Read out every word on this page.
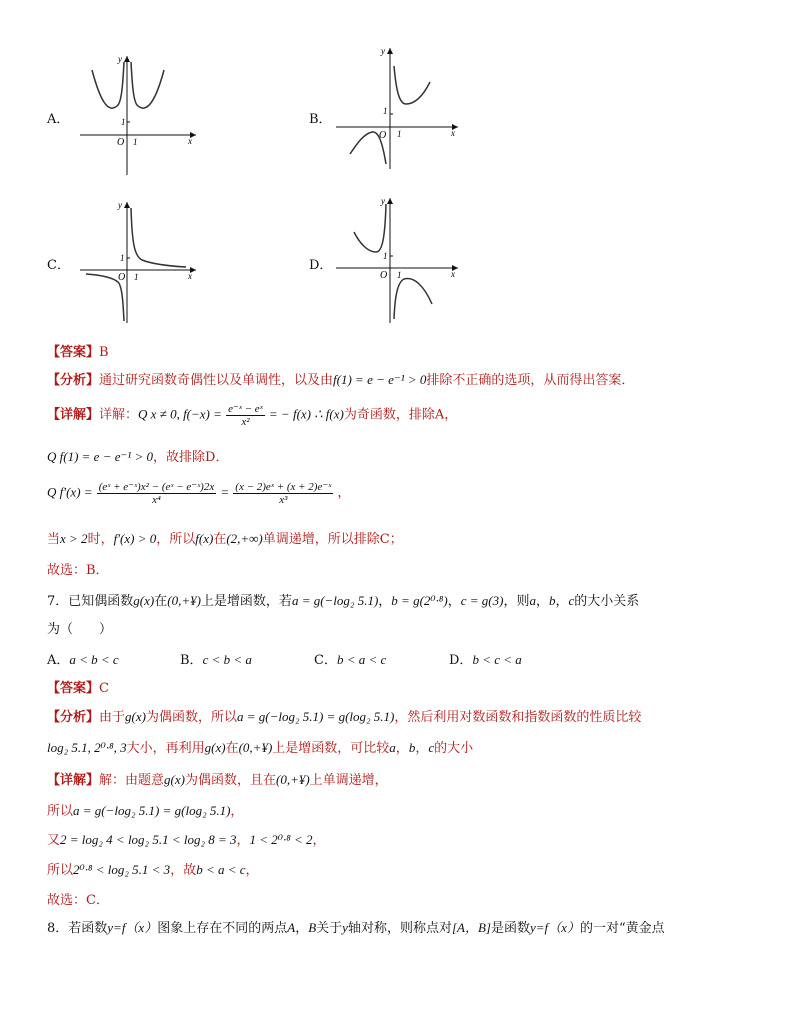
A．	B．
C．	D．
1
1
O	x
y
1
1
O	x
y
1
1
O	x
y
1
1
O	x
y
【答案】B
【分析】通过研究函数奇偶性以及单调性，以及由f(1) = e − e⁻¹ > 0排除不正确的选项，从而得出答案．
【详解】详解：Q x ≠ 0, $f(-x) = \frac{\text{e⁻ˣ − eˣ}}{\text{x²}}$ = − f(x) ∴ f(x)为奇函数，排除A，
Q f(1) = e − e⁻¹ > 0，故排除D．
Q $f'(x) = \frac{\text{(eˣ + e⁻ˣ)x² − (eˣ − e⁻ˣ)2x}}{\text{x⁴}} = \frac{\text{(x − 2)eˣ + (x + 2)e⁻ˣ}}{\text{x³}}$ ，
当x > 2时，f′(x) > 0，所以f(x)在(2,+∞)单调递增，所以排除C；
故选：B．
7．已知偶函数g(x)在(0,+¥)上是增函数，若a = g(−log₂ 5.1)，b = g(2⁰·⁸)，c = g(3)，则a，b，c的大小关系
为（　　）
A．a < b < c	B．c < b < a	C．b < a < c	D．b < c < a
【答案】C
【分析】由于g(x)为偶函数，所以a = g(−log₂ 5.1) = g(log₂ 5.1)，然后利用对数函数和指数函数的性质比较
log₂ 5.1, 2⁰·⁸, 3大小，再利用g(x)在(0,+¥)上是增函数，可比较a，b，c的大小
【详解】解：由题意g(x)为偶函数，且在(0,+¥)上单调递增，
所以a = g(−log₂ 5.1) = g(log₂ 5.1)，
又2 = log₂ 4 < log₂ 5.1 < log₂ 8 = 3，1 < 2⁰·⁸ < 2，
所以2⁰·⁸ < log₂ 5.1 < 3，故b < a < c，
故选：C．
8．若函数y=f（x）图象上存在不同的两点A，B关于y轴对称，则称点对[A，B]是函数y=f（x）的一对“黄金点
